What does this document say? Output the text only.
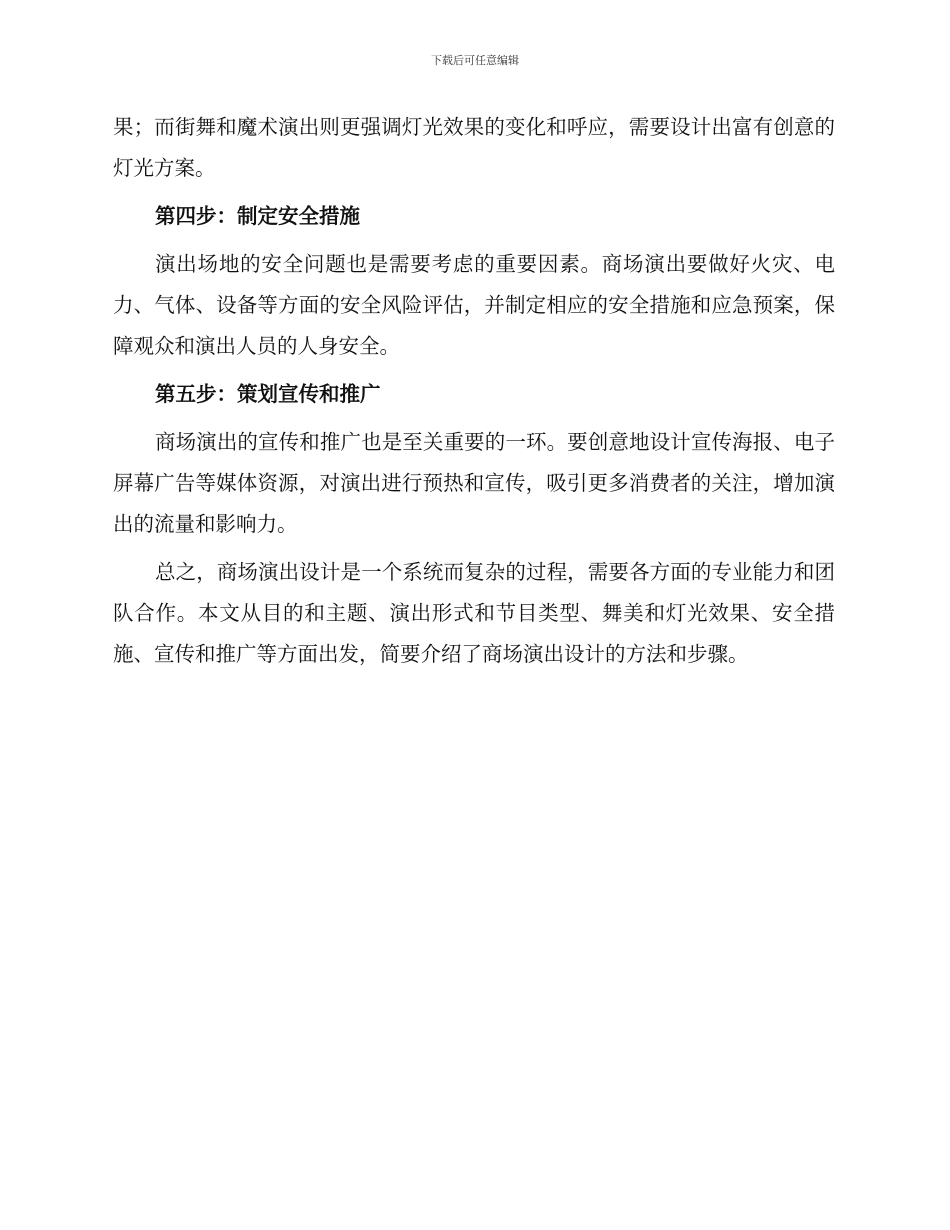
下载后可任意编辑

果；而街舞和魔术演出则更强调灯光效果的变化和呼应，需要设计出富有创意的灯光方案。

第四步：制定安全措施

演出场地的安全问题也是需要考虑的重要因素。商场演出要做好火灾、电力、气体、设备等方面的安全风险评估，并制定相应的安全措施和应急预案，保障观众和演出人员的人身安全。

第五步：策划宣传和推广

商场演出的宣传和推广也是至关重要的一环。要创意地设计宣传海报、电子屏幕广告等媒体资源，对演出进行预热和宣传，吸引更多消费者的关注，增加演出的流量和影响力。

总之，商场演出设计是一个系统而复杂的过程，需要各方面的专业能力和团队合作。本文从目的和主题、演出形式和节目类型、舞美和灯光效果、安全措施、宣传和推广等方面出发，简要介绍了商场演出设计的方法和步骤。
